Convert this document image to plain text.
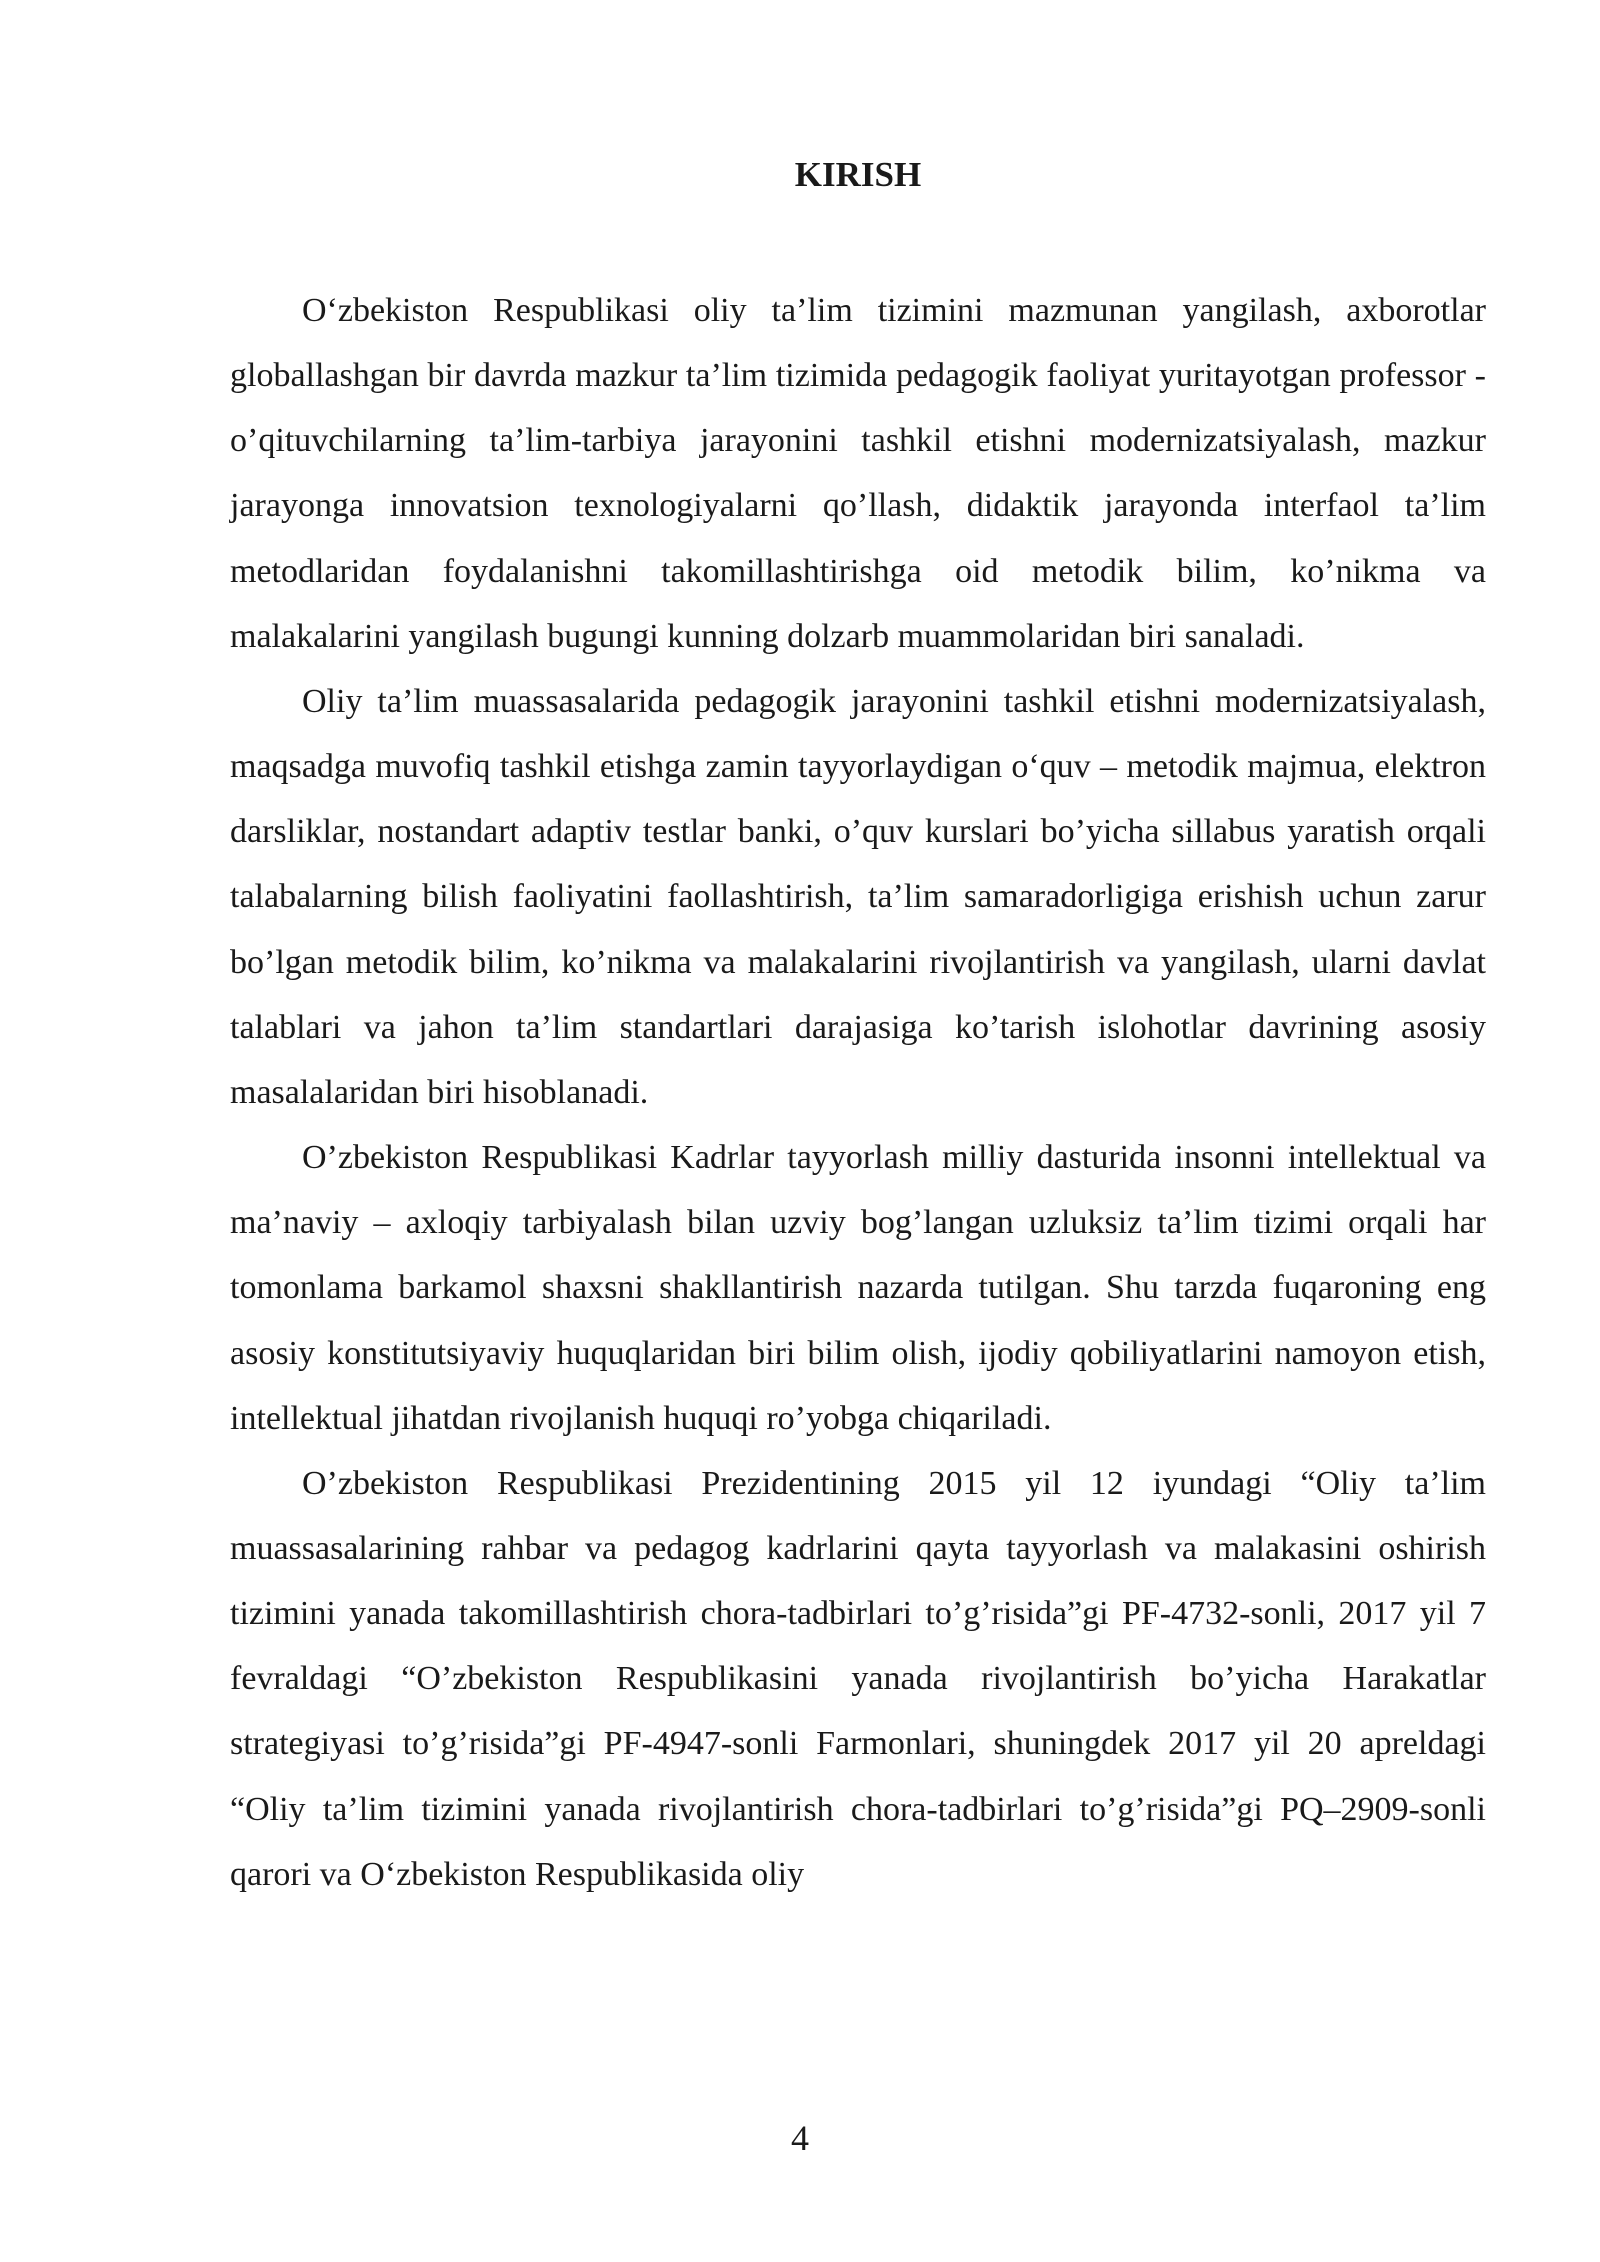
KIRISH

O‘zbekiston Respublikasi oliy ta’lim tizimini mazmunan yangilash, axborotlar globallashgan bir davrda mazkur ta’lim tizimida pedagogik faoliyat yuritayotgan professor -o’qituvchilarning ta’lim-tarbiya jarayonini tashkil etishni modernizatsiyalash, mazkur jarayonga innovatsion texnologiyalarni qo’llash, didaktik jarayonda interfaol ta’lim metodlaridan foydalanishni takomillashtirishga oid metodik bilim, ko’nikma va malakalarini yangilash bugungi kunning dolzarb muammolaridan biri sanaladi.

Oliy ta’lim muassasalarida pedagogik jarayonini tashkil etishni modernizatsiyalash, maqsadga muvofiq tashkil etishga zamin tayyorlaydigan o‘quv – metodik majmua, elektron darsliklar, nostandart adaptiv testlar banki, o’quv kurslari bo’yicha sillabus yaratish orqali talabalarning bilish faoliyatini faollashtirish, ta’lim samaradorligiga erishish uchun zarur bo’lgan metodik bilim, ko’nikma va malakalarini rivojlantirish va yangilash, ularni davlat talablari va jahon ta’lim standartlari darajasiga ko’tarish islohotlar davrining asosiy masalalaridan biri hisoblanadi.

O’zbekiston Respublikasi Kadrlar tayyorlash milliy dasturida insonni intellektual va ma’naviy – axloqiy tarbiyalash bilan uzviy bog’langan uzluksiz ta’lim tizimi orqali har tomonlama barkamol shaxsni shakllantirish nazarda tutilgan. Shu tarzda fuqaroning eng asosiy konstitutsiyaviy huquqlaridan biri bilim olish, ijodiy qobiliyatlarini namoyon etish, intellektual jihatdan rivojlanish huquqi ro’yobga chiqariladi.

O’zbekiston Respublikasi Prezidentining 2015 yil 12 iyundagi “Oliy ta’lim muassasalarining rahbar va pedagog kadrlarini qayta tayyorlash va malakasini oshirish tizimini yanada takomillashtirish chora-tadbirlari to’g’risida”gi PF-4732-sonli, 2017 yil 7 fevraldagi “O’zbekiston Respublikasini yanada rivojlantirish bo’yicha Harakatlar strategiyasi to’g’risida”gi PF-4947-sonli Farmonlari, shuningdek 2017 yil 20 apreldagi “Oliy ta’lim tizimini yanada rivojlantirish chora-tadbirlari to’g’risida”gi PQ–2909-sonli qarori va O‘zbekiston Respublikasida oliy

4
